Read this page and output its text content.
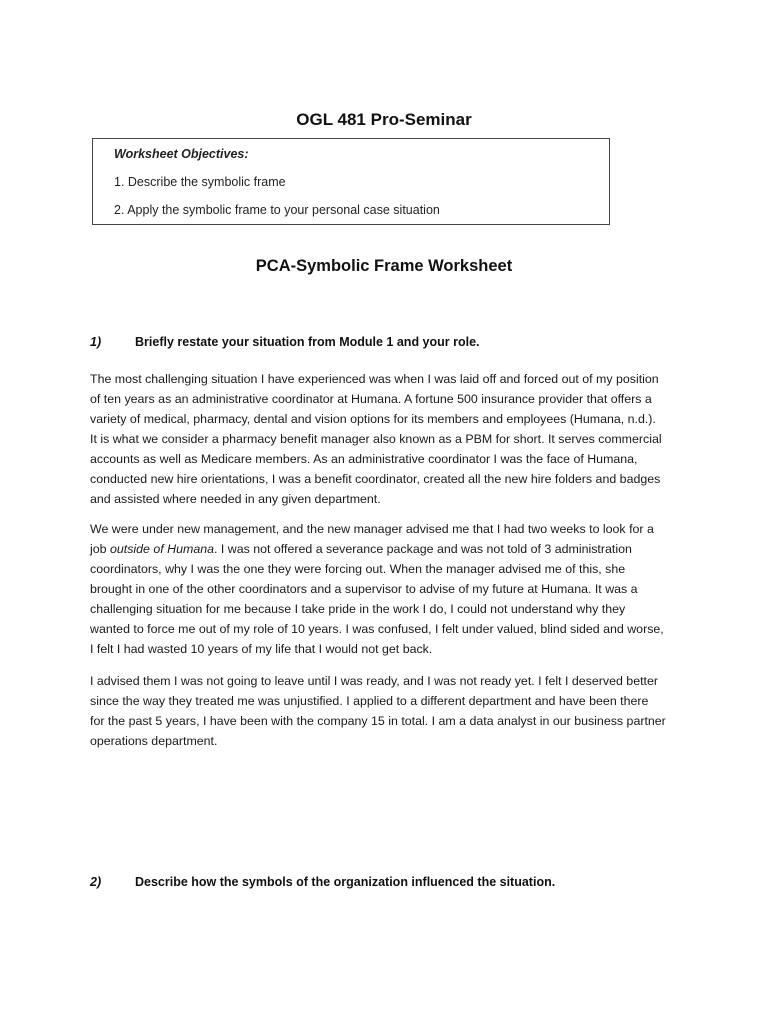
OGL 481 Pro-Seminar
Worksheet Objectives:
1. Describe the symbolic frame
2. Apply the symbolic frame to your personal case situation
PCA-Symbolic Frame Worksheet
1)	Briefly restate your situation from Module 1 and your role.

The most challenging situation I have experienced was when I was laid off and forced out of my position
of ten years as an administrative coordinator at Humana. A fortune 500 insurance provider that offers a
variety of medical, pharmacy, dental and vision options for its members and employees (Humana, n.d.).
It is what we consider a pharmacy benefit manager also known as a PBM for short. It serves commercial
accounts as well as Medicare members. As an administrative coordinator I was the face of Humana,
conducted new hire orientations, I was a benefit coordinator, created all the new hire folders and badges
and assisted where needed in any given department.

We were under new management, and the new manager advised me that I had two weeks to look for a
job outside of Humana. I was not offered a severance package and was not told of 3 administration
coordinators, why I was the one they were forcing out. When the manager advised me of this, she
brought in one of the other coordinators and a supervisor to advise of my future at Humana. It was a
challenging situation for me because I take pride in the work I do, I could not understand why they
wanted to force me out of my role of 10 years. I was confused, I felt under valued, blind sided and worse,
I felt I had wasted 10 years of my life that I would not get back.

I advised them I was not going to leave until I was ready, and I was not ready yet. I felt I deserved better
since the way they treated me was unjustified. I applied to a different department and have been there
for the past 5 years, I have been with the company 15 in total. I am a data analyst in our business partner
operations department.

2)	Describe how the symbols of the organization influenced the situation.
